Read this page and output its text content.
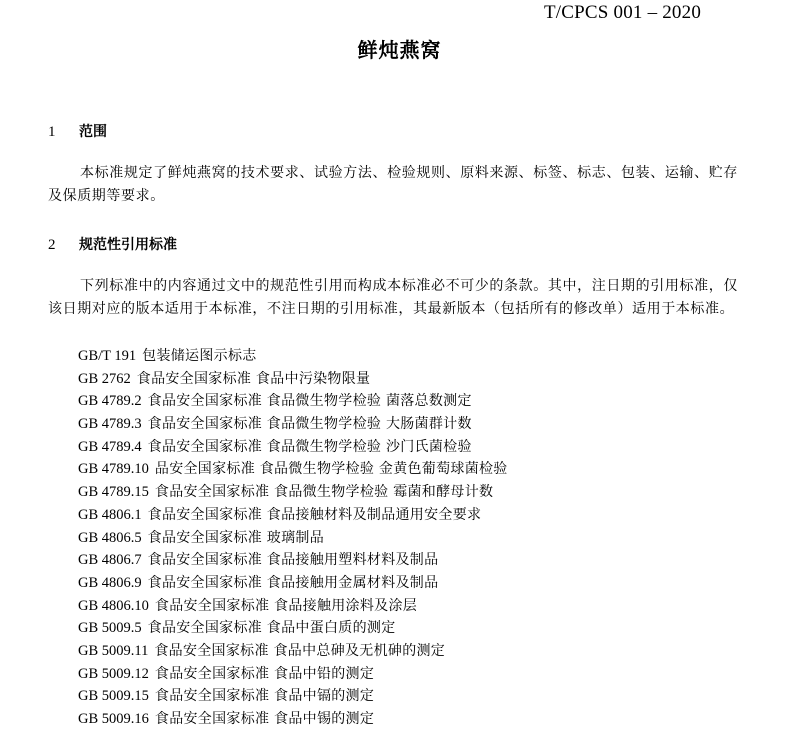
T/CPCS 001 – 2020
鲜炖燕窝
1 范围
本标准规定了鲜炖燕窝的技术要求、试验方法、检验规则、原料来源、标签、标志、包装、运输、贮存及保质期等要求。
2 规范性引用标准
下列标准中的内容通过文中的规范性引用而构成本标准必不可少的条款。其中，注日期的引用标准，仅该日期对应的版本适用于本标准，不注日期的引用标准，其最新版本（包括所有的修改单）适用于本标准。
GB/T 191 包装储运图示标志
GB 2762 食品安全国家标准 食品中污染物限量
GB 4789.2 食品安全国家标准 食品微生物学检验 菌落总数测定
GB 4789.3 食品安全国家标准 食品微生物学检验 大肠菌群计数
GB 4789.4 食品安全国家标准 食品微生物学检验 沙门氏菌检验
GB 4789.10 品安全国家标准 食品微生物学检验 金黄色葡萄球菌检验
GB 4789.15 食品安全国家标准 食品微生物学检验 霉菌和酵母计数
GB 4806.1 食品安全国家标准 食品接触材料及制品通用安全要求
GB 4806.5 食品安全国家标准 玻璃制品
GB 4806.7 食品安全国家标准 食品接触用塑料材料及制品
GB 4806.9 食品安全国家标准 食品接触用金属材料及制品
GB 4806.10 食品安全国家标准 食品接触用涂料及涂层
GB 5009.5 食品安全国家标准 食品中蛋白质的测定
GB 5009.11 食品安全国家标准 食品中总砷及无机砷的测定
GB 5009.12 食品安全国家标准 食品中铅的测定
GB 5009.15 食品安全国家标准 食品中镉的测定
GB 5009.16 食品安全国家标准 食品中锡的测定
